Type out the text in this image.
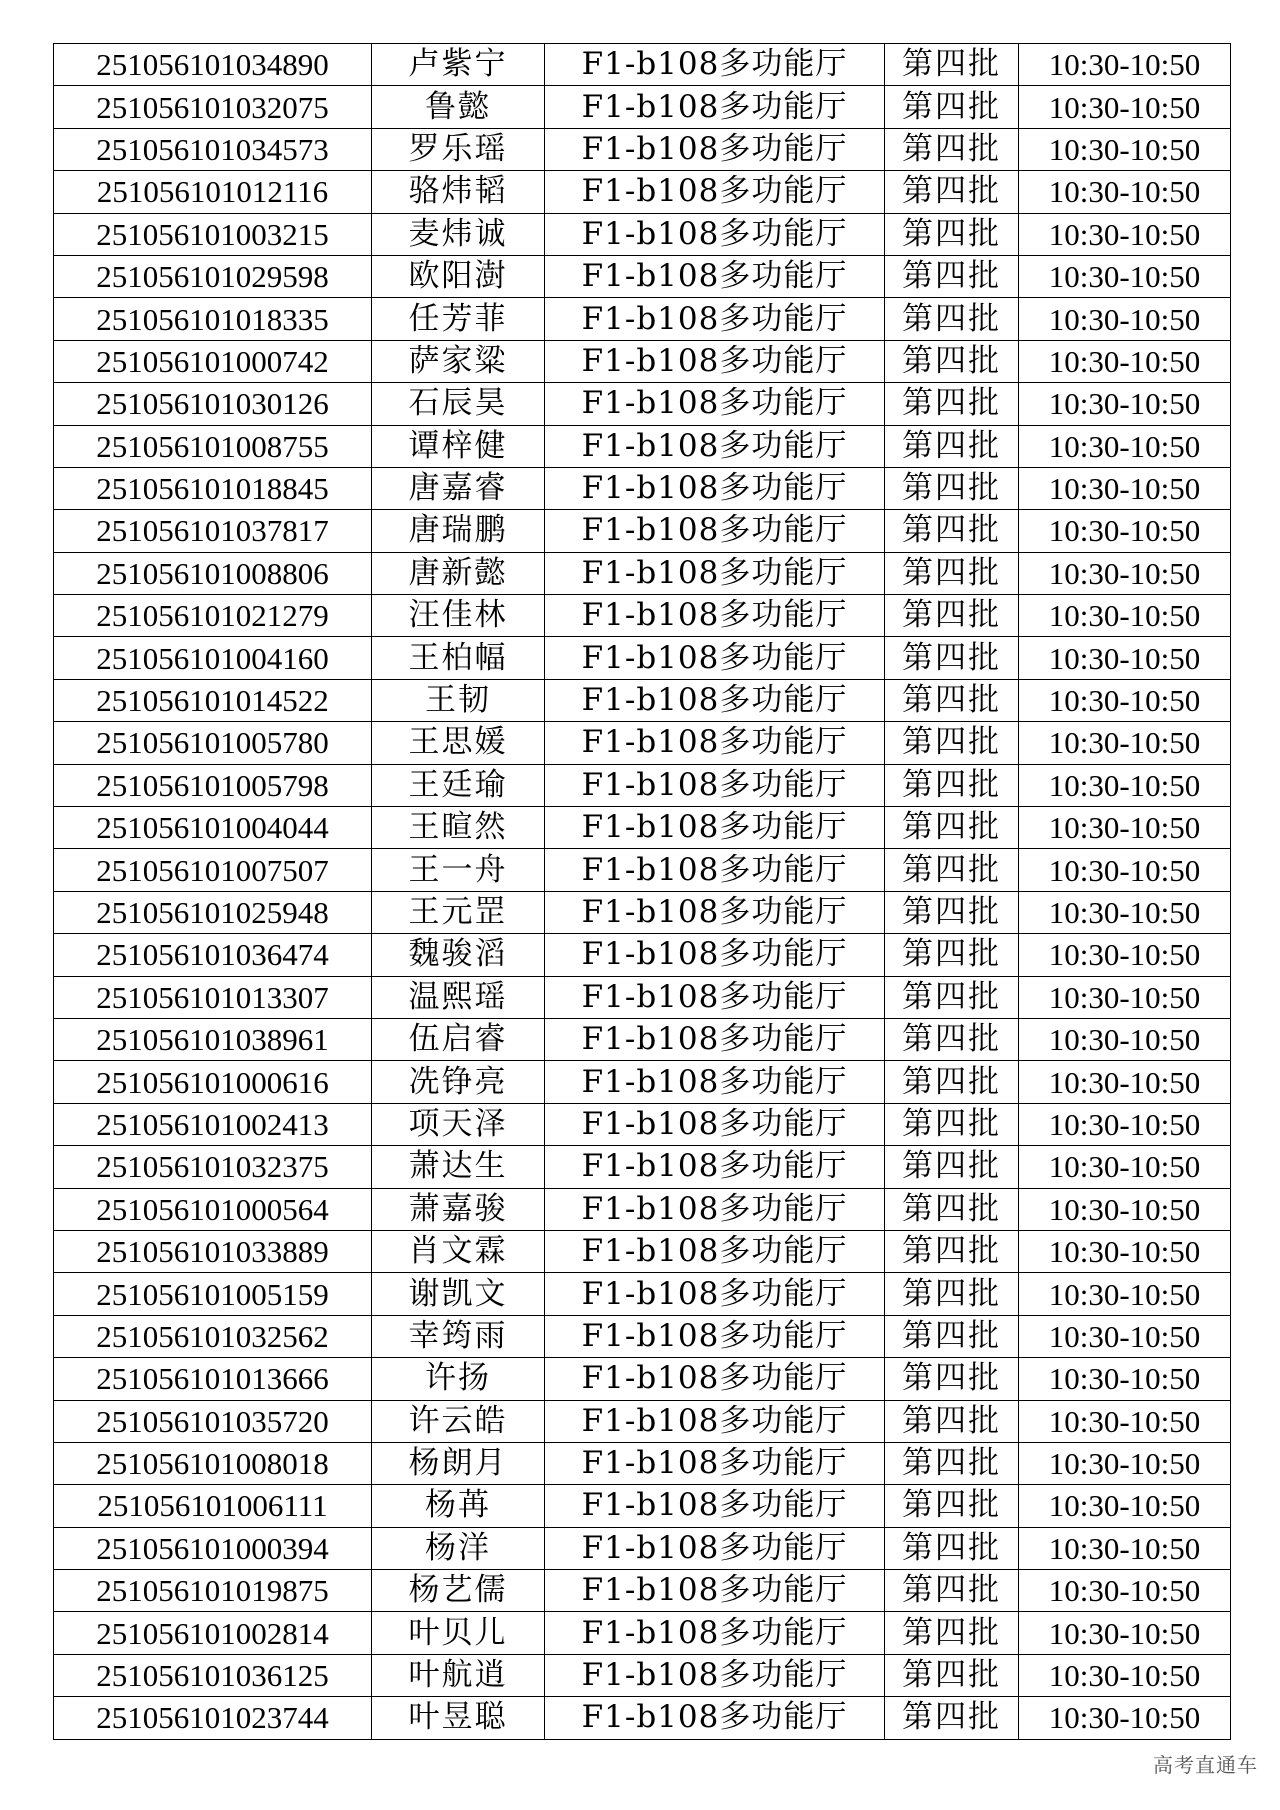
251056101034890	卢紫宁	F1-b108多功能厅	第四批	10:30-10:50
251056101032075	鲁懿	F1-b108多功能厅	第四批	10:30-10:50
251056101034573	罗乐瑶	F1-b108多功能厅	第四批	10:30-10:50
251056101012116	骆炜韬	F1-b108多功能厅	第四批	10:30-10:50
251056101003215	麦炜诚	F1-b108多功能厅	第四批	10:30-10:50
251056101029598	欧阳澍	F1-b108多功能厅	第四批	10:30-10:50
251056101018335	任芳菲	F1-b108多功能厅	第四批	10:30-10:50
251056101000742	萨家粱	F1-b108多功能厅	第四批	10:30-10:50
251056101030126	石辰昊	F1-b108多功能厅	第四批	10:30-10:50
251056101008755	谭梓健	F1-b108多功能厅	第四批	10:30-10:50
251056101018845	唐嘉睿	F1-b108多功能厅	第四批	10:30-10:50
251056101037817	唐瑞鹏	F1-b108多功能厅	第四批	10:30-10:50
251056101008806	唐新懿	F1-b108多功能厅	第四批	10:30-10:50
251056101021279	汪佳林	F1-b108多功能厅	第四批	10:30-10:50
251056101004160	王柏幅	F1-b108多功能厅	第四批	10:30-10:50
251056101014522	王韧	F1-b108多功能厅	第四批	10:30-10:50
251056101005780	王思媛	F1-b108多功能厅	第四批	10:30-10:50
251056101005798	王廷瑜	F1-b108多功能厅	第四批	10:30-10:50
251056101004044	王暄然	F1-b108多功能厅	第四批	10:30-10:50
251056101007507	王一舟	F1-b108多功能厅	第四批	10:30-10:50
251056101025948	王元罡	F1-b108多功能厅	第四批	10:30-10:50
251056101036474	魏骏滔	F1-b108多功能厅	第四批	10:30-10:50
251056101013307	温熙瑶	F1-b108多功能厅	第四批	10:30-10:50
251056101038961	伍启睿	F1-b108多功能厅	第四批	10:30-10:50
251056101000616	冼铮亮	F1-b108多功能厅	第四批	10:30-10:50
251056101002413	项天泽	F1-b108多功能厅	第四批	10:30-10:50
251056101032375	萧达生	F1-b108多功能厅	第四批	10:30-10:50
251056101000564	萧嘉骏	F1-b108多功能厅	第四批	10:30-10:50
251056101033889	肖文霖	F1-b108多功能厅	第四批	10:30-10:50
251056101005159	谢凯文	F1-b108多功能厅	第四批	10:30-10:50
251056101032562	幸筠雨	F1-b108多功能厅	第四批	10:30-10:50
251056101013666	许扬	F1-b108多功能厅	第四批	10:30-10:50
251056101035720	许云皓	F1-b108多功能厅	第四批	10:30-10:50
251056101008018	杨朗月	F1-b108多功能厅	第四批	10:30-10:50
251056101006111	杨苒	F1-b108多功能厅	第四批	10:30-10:50
251056101000394	杨洋	F1-b108多功能厅	第四批	10:30-10:50
251056101019875	杨艺儒	F1-b108多功能厅	第四批	10:30-10:50
251056101002814	叶贝儿	F1-b108多功能厅	第四批	10:30-10:50
251056101036125	叶航逍	F1-b108多功能厅	第四批	10:30-10:50
251056101023744	叶昱聪	F1-b108多功能厅	第四批	10:30-10:50
高考直通车
